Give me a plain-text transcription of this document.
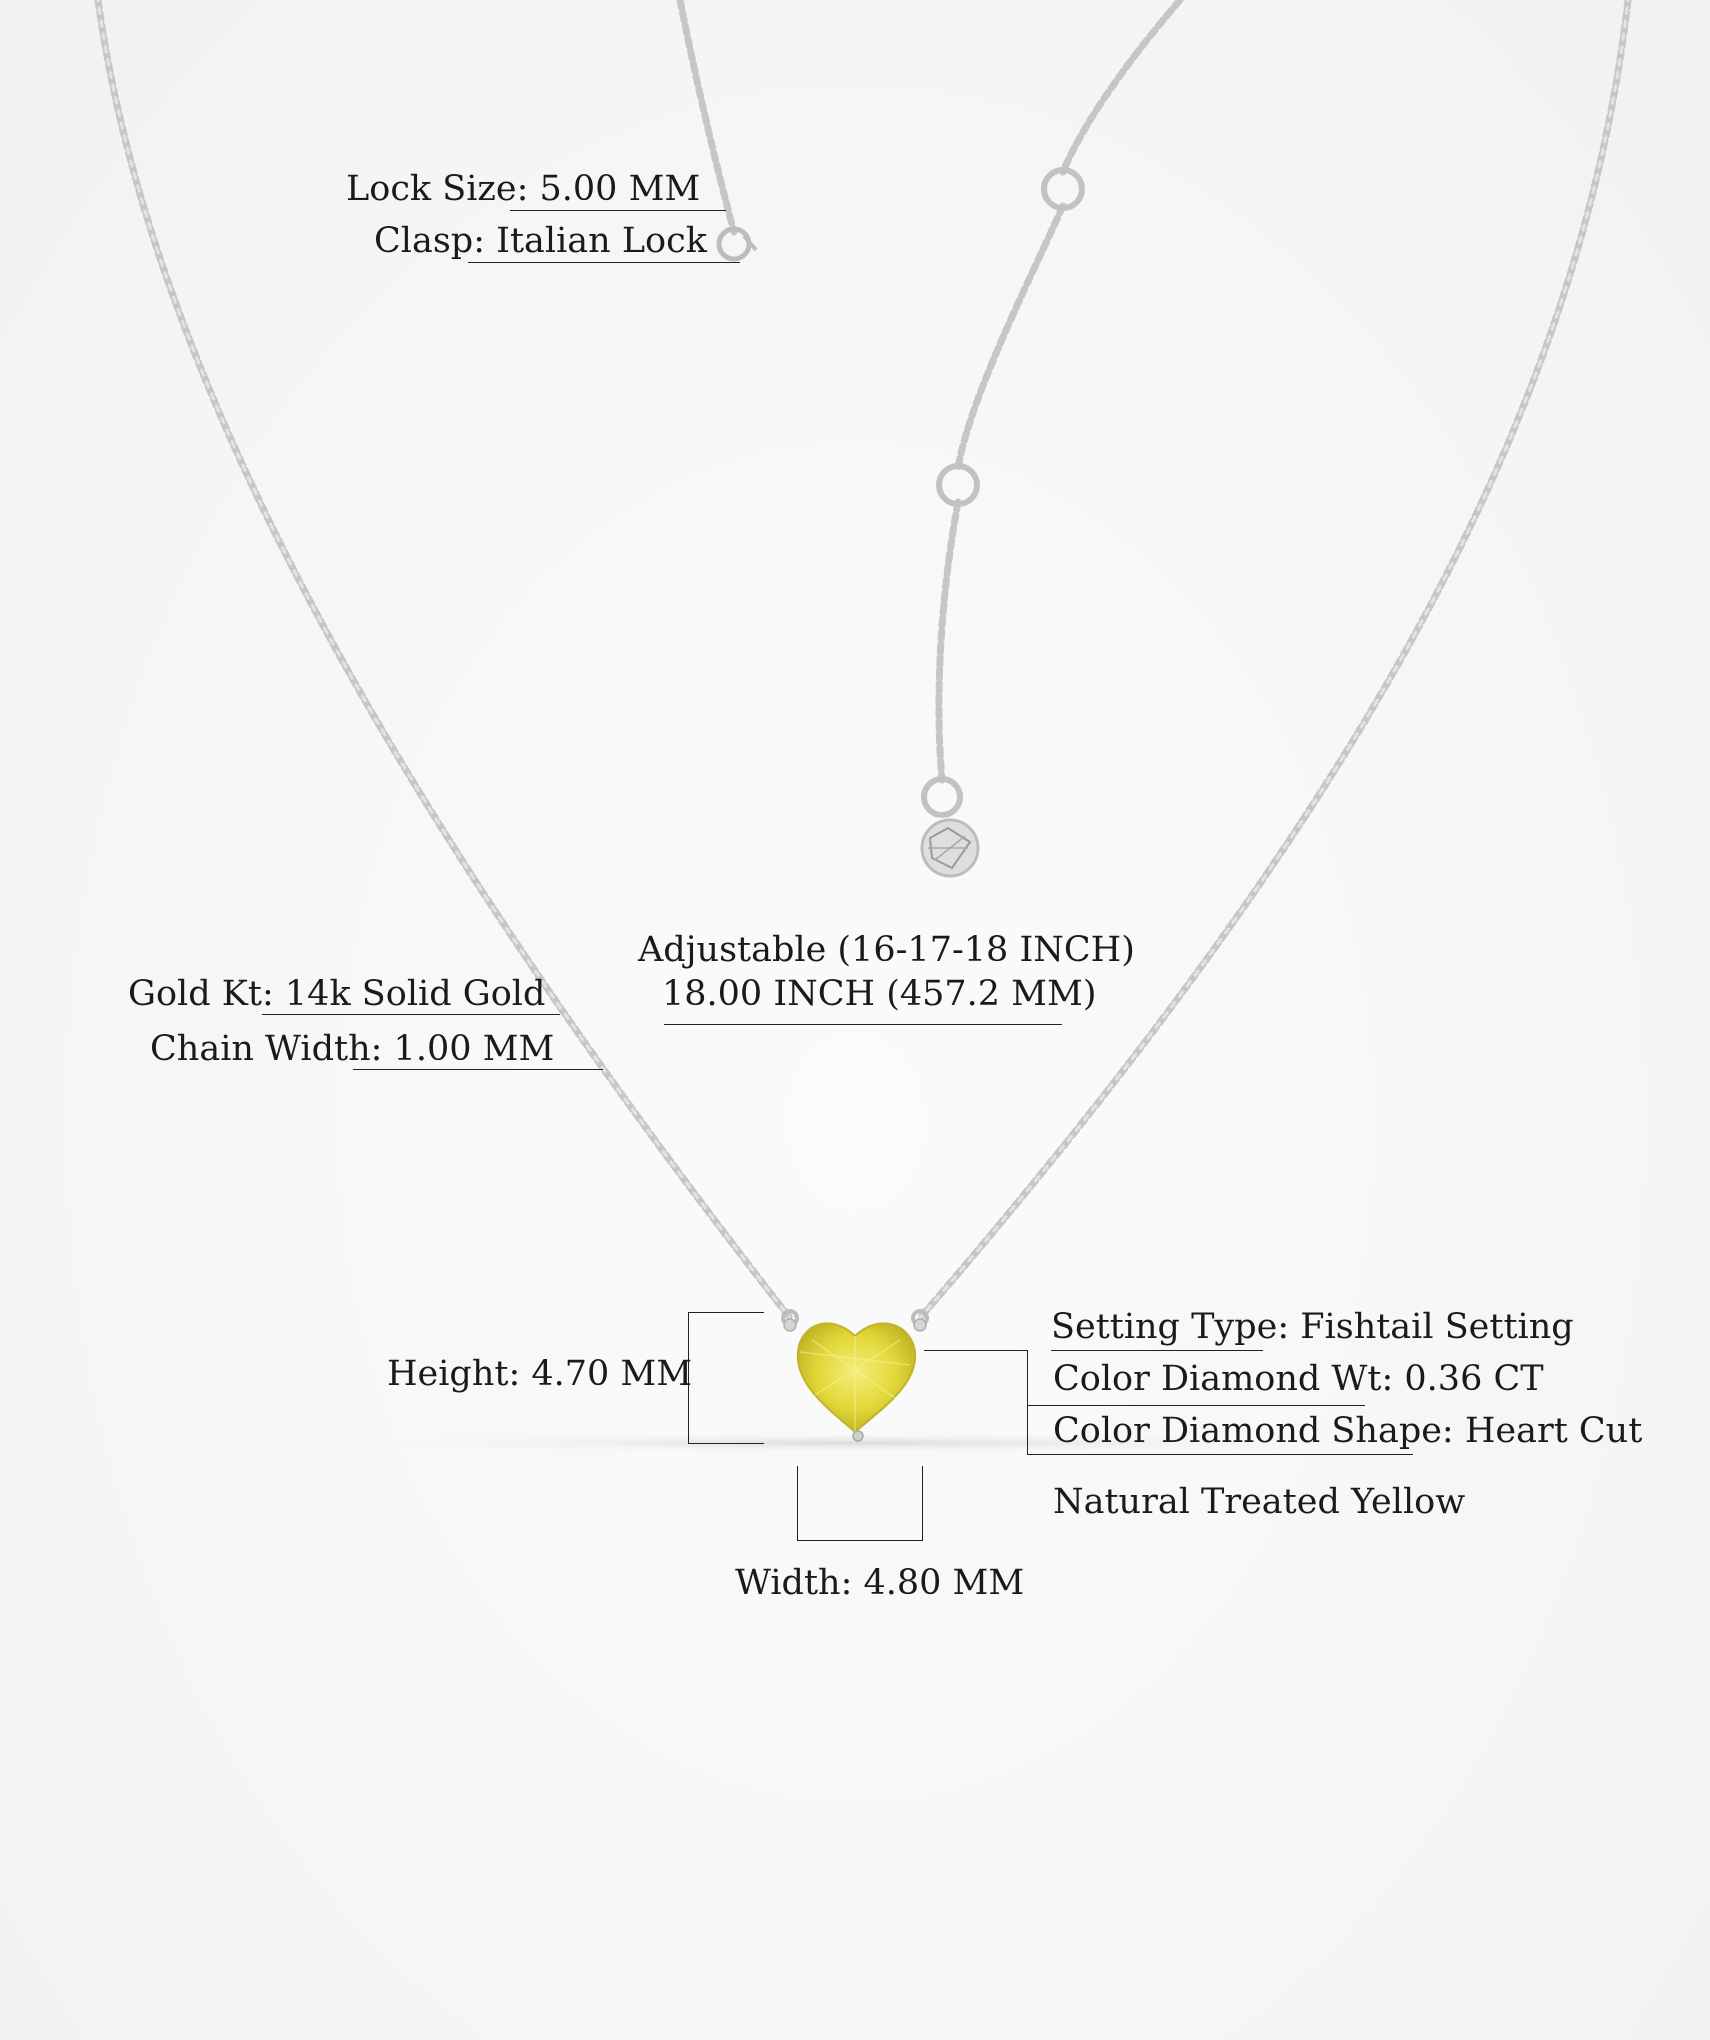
Lock Size: 5.00 MM
Clasp: Italian Lock
Adjustable (16-17-18 INCH)
18.00 INCH (457.2 MM)
Gold Kt: 14k Solid Gold
Chain Width: 1.00 MM
Height: 4.70 MM
Width: 4.80 MM
Setting Type: Fishtail Setting
Color Diamond Wt: 0.36 CT
Color Diamond Shape: Heart Cut
Natural Treated Yellow
